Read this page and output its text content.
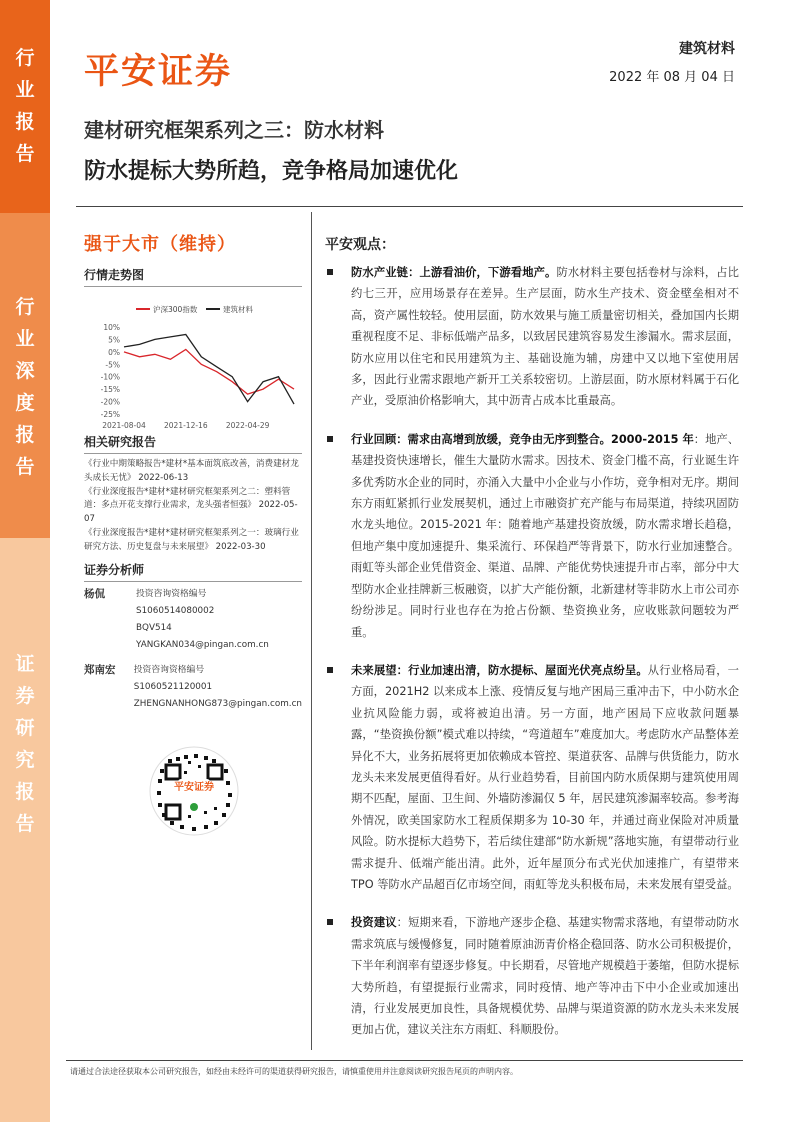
行
业
报
告
行
业
深
度
报
告
证
券
研
究
报
告
平安证券
建筑材料
2022 年 08 月 04 日
建材研究框架系列之三：防水材料
防水提标大势所趋，竞争格局加速优化
强于大市（维持）
行情走势图
沪深300指数	建筑材料
10%
5%
0%
-5%
-10%
-15%
-20%
-25%
2021-08-04 2021-12-16 2022-04-29
相关研究报告

《行业中期策略报告*建材*基本面筑底改善，消费建材龙头成长无忧》 2022-06-13

《行业深度报告*建材*建材研究框架系列之二：塑料管道：多点开花支撑行业需求，龙头强者恒强》 2022-05-07

《行业深度报告*建材*建材研究框架系列之一：玻璃行业研究方法、历史复盘与未来展望》 2022-03-30

证券分析师
杨侃	投资咨询资格编号
S1060514080002
BQV514
YANGKAN034@pingan.com.cn
郑南宏	投资咨询资格编号
S1060521120001
ZHENGNANHONG873@pingan.com.cn
平安证券
平安观点：
防水产业链：上游看油价，下游看地产。防水材料主要包括卷材与涂料，占比约七三开，应用场景存在差异。生产层面，防水生产技术、资金壁垒相对不高，资产属性较轻。使用层面，防水效果与施工质量密切相关，叠加国内长期重视程度不足、非标低端产品多，以致居民建筑容易发生渗漏水。需求层面，防水应用以住宅和民用建筑为主、基础设施为辅，房建中又以地下室使用居多，因此行业需求跟地产新开工关系较密切。上游层面，防水原材料属于石化产业，受原油价格影响大，其中沥青占成本比重最高。
行业回顾：需求由高增到放缓，竞争由无序到整合。2000-2015 年：地产、基建投资快速增长，催生大量防水需求。因技术、资金门槛不高，行业诞生许多优秀防水企业的同时，亦涌入大量中小企业与小作坊，竞争相对无序。期间东方雨虹紧抓行业发展契机，通过上市融资扩充产能与布局渠道，持续巩固防水龙头地位。2015-2021 年：随着地产基建投资放缓，防水需求增长趋稳，但地产集中度加速提升、集采流行、环保趋严等背景下，防水行业加速整合。雨虹等头部企业凭借资金、渠道、品牌、产能优势快速提升市占率，部分中大型防水企业挂牌新三板融资，以扩大产能份额，北新建材等非防水上市公司亦纷纷涉足。同时行业也存在为抢占份额、垫资换业务，应收账款问题较为严重。
未来展望：行业加速出清，防水提标、屋面光伏亮点纷呈。从行业格局看，一方面，2021H2 以来成本上涨、疫情反复与地产困局三重冲击下，中小防水企业抗风险能力弱，或将被迫出清。另一方面，地产困局下应收款问题暴露，“垫资换份额”模式难以持续，“弯道超车”难度加大。考虑防水产品整体差异化不大，业务拓展将更加依赖成本管控、渠道获客、品牌与供货能力，防水龙头未来发展更值得看好。从行业趋势看，目前国内防水质保期与建筑使用周期不匹配，屋面、卫生间、外墙防渗漏仅 5 年，居民建筑渗漏率较高。参考海外情况，欧美国家防水工程质保期多为 10-30 年，并通过商业保险对冲质量风险。防水提标大趋势下，若后续住建部“防水新规”落地实施，有望带动行业需求提升、低端产能出清。此外，近年屋顶分布式光伏加速推广，有望带来 TPO 等防水产品超百亿市场空间，雨虹等龙头积极布局，未来发展有望受益。
投资建议：短期来看，下游地产逐步企稳、基建实物需求落地，有望带动防水需求筑底与缓慢修复，同时随着原油沥青价格企稳回落、防水公司积极提价，下半年利润率有望逐步修复。中长期看，尽管地产规模趋于萎缩，但防水提标大势所趋，有望提振行业需求，同时疫情、地产等冲击下中小企业或加速出清，行业发展更加良性，具备规模优势、品牌与渠道资源的防水龙头未来发展更加占优，建议关注东方雨虹、科顺股份。
请通过合法途径获取本公司研究报告，如经由未经许可的渠道获得研究报告，请慎重使用并注意阅读研究报告尾页的声明内容。
